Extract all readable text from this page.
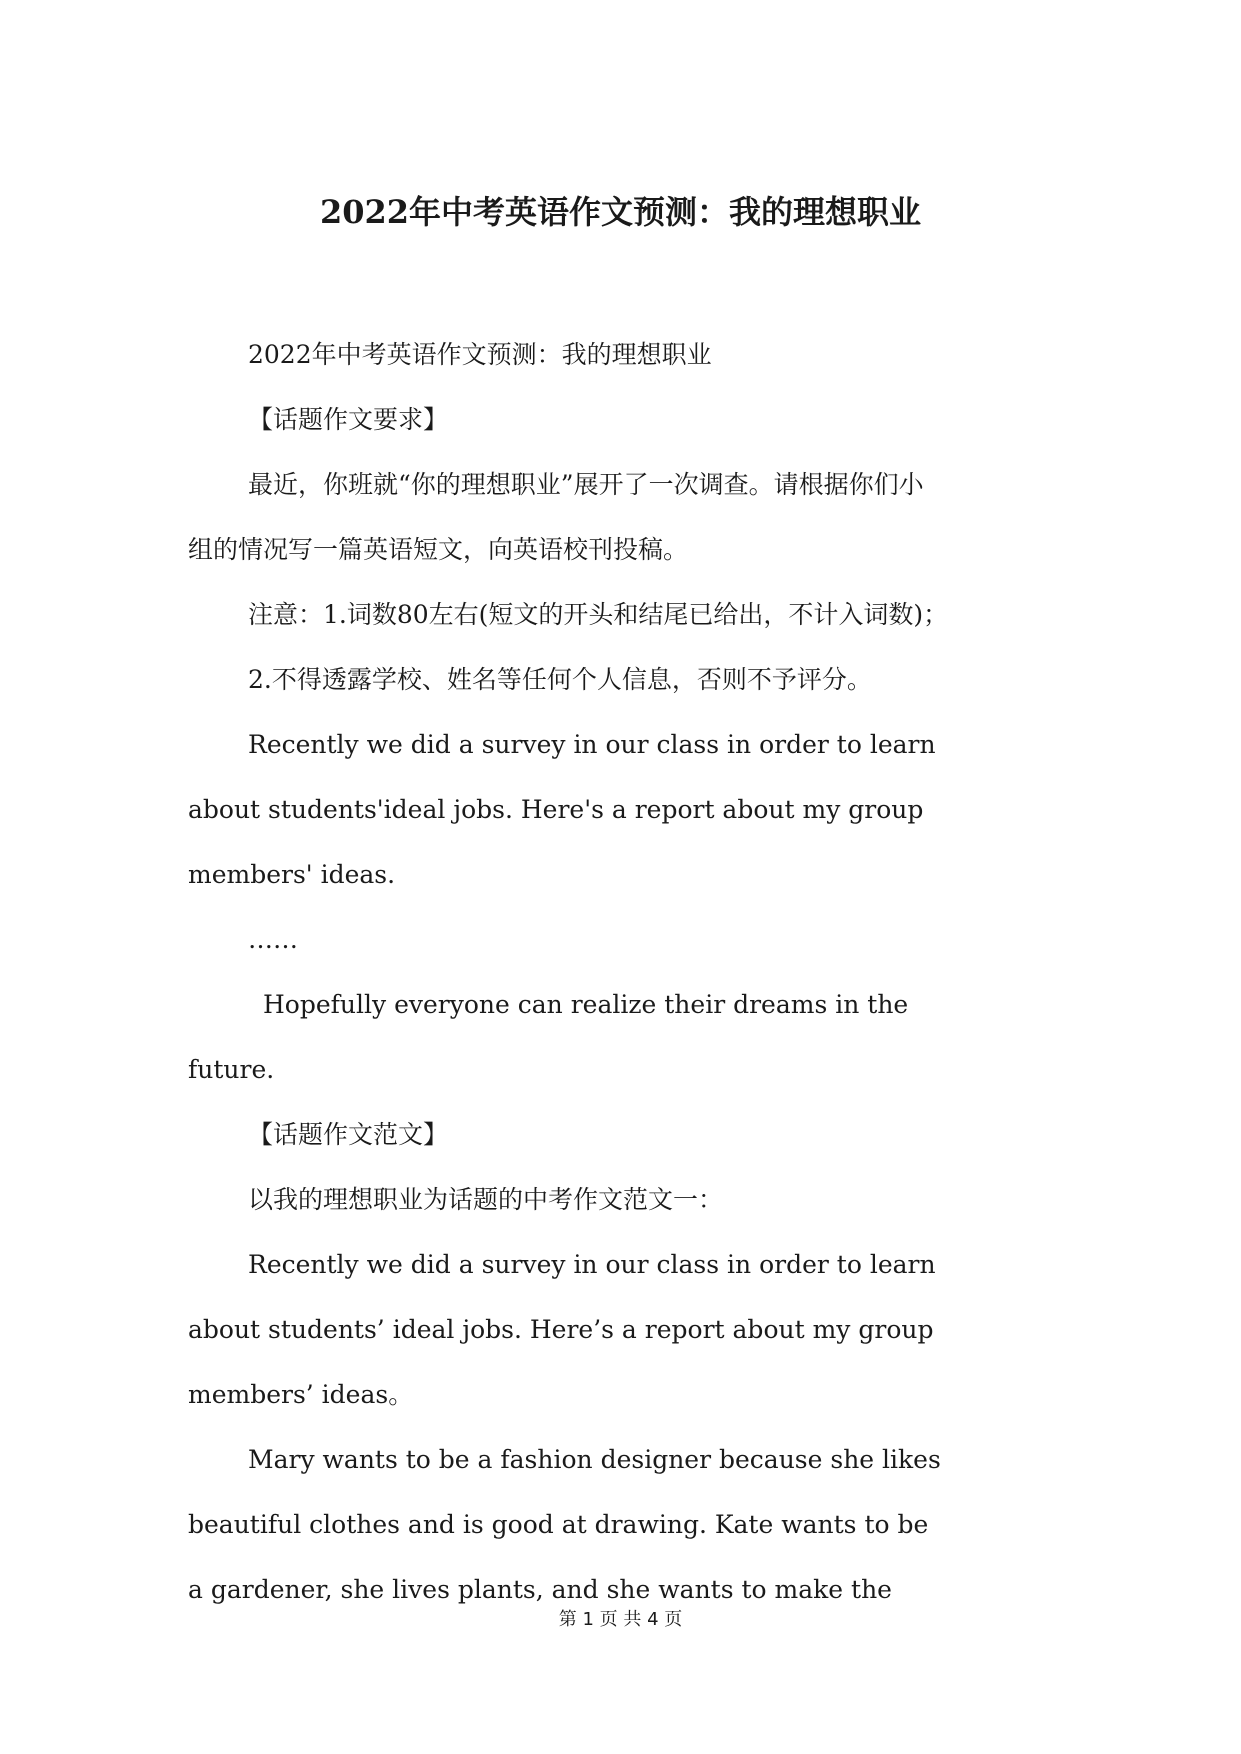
2022年中考英语作文预测：我的理想职业
2022年中考英语作文预测：我的理想职业
【话题作文要求】
最近，你班就“你的理想职业”展开了一次调查。请根据你们小
组的情况写一篇英语短文，向英语校刊投稿。
注意：1.词数80左右(短文的开头和结尾已给出，不计入词数)；
2.不得透露学校、姓名等任何个人信息，否则不予评分。
Recently we did a survey in our class in order to learn
about students'ideal jobs. Here's a report about my group
members' ideas.
……
Hopefully everyone can realize their dreams in the
future.
【话题作文范文】
以我的理想职业为话题的中考作文范文一：
Recently we did a survey in our class in order to learn
about students’ ideal jobs. Here’s a report about my group
members’ ideas。
Mary wants to be a fashion designer because she likes
beautiful clothes and is good at drawing. Kate wants to be
a gardener, she lives plants, and she wants to make the
第 1 页 共 4 页
